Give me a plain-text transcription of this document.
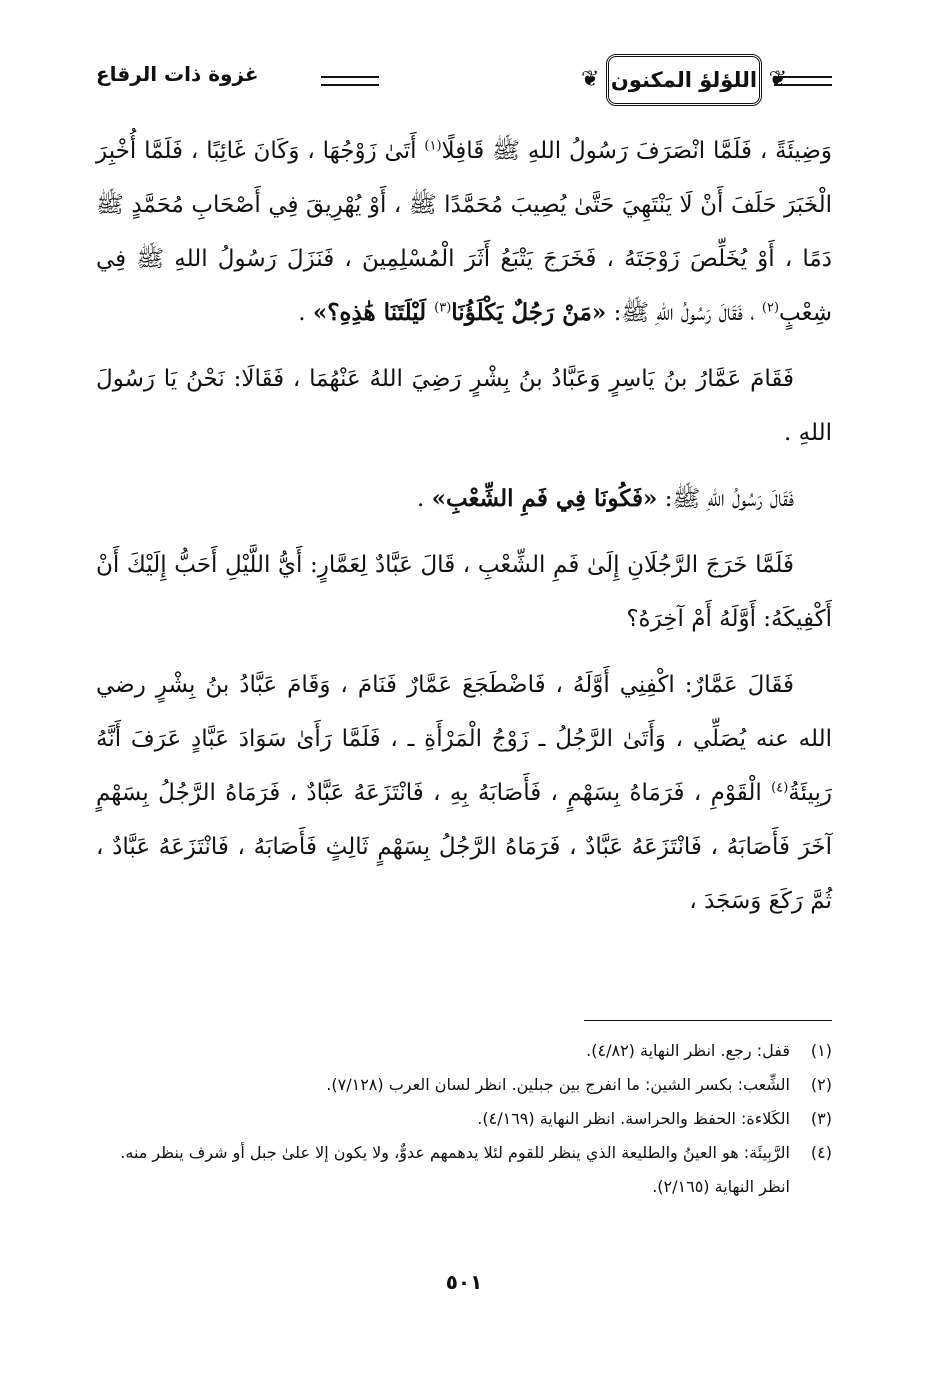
❦
اللؤلؤ المكنون
❦
غزوة ذات الرقاع

وَضِيئَةً ، فَلَمَّا انْصَرَفَ رَسُولُ اللهِ ﷺ قَافِلًا$^{(١)}$ أَتَىٰ زَوْجُهَا ، وَكَانَ غَائِبًا ، فَلَمَّا أُخْبِرَ الْخَبَرَ حَلَفَ أَنْ لَا يَنْتَهِيَ حَتَّىٰ يُصِيبَ مُحَمَّدًا ﷺ ، أَوْ يُهْرِيقَ فِي أَصْحَابِ مُحَمَّدٍ ﷺ دَمًا ، أَوْ يُخَلِّصَ زَوْجَتَهُ ، فَخَرَجَ يَتْبَعُ أَثَرَ الْمُسْلِمِينَ ، فَنَزَلَ رَسُولُ اللهِ ﷺ فِي شِعْبٍ$^{(٢)}$ ، فَقَالَ رَسُولُ اللهِ ﷺ: «مَنْ رَجُلٌ يَكْلَؤُنَا$^{(٣)}$ لَيْلَتَنَا هَٰذِهِ؟» .

فَقَامَ عَمَّارُ بنُ يَاسِرٍ وَعَبَّادُ بنُ بِشْرٍ رَضِيَ اللهُ عَنْهُمَا ، فَقَالَا: نَحْنُ يَا رَسُولَ اللهِ .

فَقَالَ رَسُولُ اللهِ ﷺ: «فَكُونَا فِي فَمِ الشِّعْبِ» .

فَلَمَّا خَرَجَ الرَّجُلَانِ إِلَىٰ فَمِ الشِّعْبِ ، قَالَ عَبَّادٌ لِعَمَّارٍ: أَيُّ اللَّيْلِ أَحَبُّ إِلَيْكَ أَنْ أَكْفِيكَهُ: أَوَّلَهُ أَمْ آخِرَهُ؟

فَقَالَ عَمَّارٌ: اكْفِنِي أَوَّلَهُ ، فَاضْطَجَعَ عَمَّارٌ فَنَامَ ، وَقَامَ عَبَّادُ بنُ بِشْرٍ رضي الله عنه يُصَلِّي ، وَأَتَىٰ الرَّجُلُ ـ زَوْجُ الْمَرْأَةِ ـ ، فَلَمَّا رَأَىٰ سَوَادَ عَبَّادٍ عَرَفَ أَنَّهُ رَبِيئَةُ$^{(٤)}$ الْقَوْمِ ، فَرَمَاهُ بِسَهْمٍ ، فَأَصَابَهُ بِهِ ، فَانْتَزَعَهُ عَبَّادٌ ، فَرَمَاهُ الرَّجُلُ بِسَهْمٍ آخَرَ فَأَصَابَهُ ، فَانْتَزَعَهُ عَبَّادٌ ، فَرَمَاهُ الرَّجُلُ بِسَهْمٍ ثَالِثٍ فَأَصَابَهُ ، فَانْتَزَعَهُ عَبَّادٌ ، ثُمَّ رَكَعَ وَسَجَدَ ،

(١)
قفل: رجع. انظر النهاية (٤/٨٢).
(٢)
الشِّعب: بكسر الشين: ما انفرج بين جبلين. انظر لسان العرب (٧/١٢٨).
(٣)
الكَلاءة: الحفظ والحراسة. انظر النهاية (٤/١٦٩).
(٤)
الرَّبِيئَة: هو العينُ والطليعة الذي ينظر للقوم لئلا يدهمهم عدوٌّ، ولا يكون إلا علىٰ جبل أو شرف ينظر منه. انظر النهاية (٢/١٦٥).
٥٠١
